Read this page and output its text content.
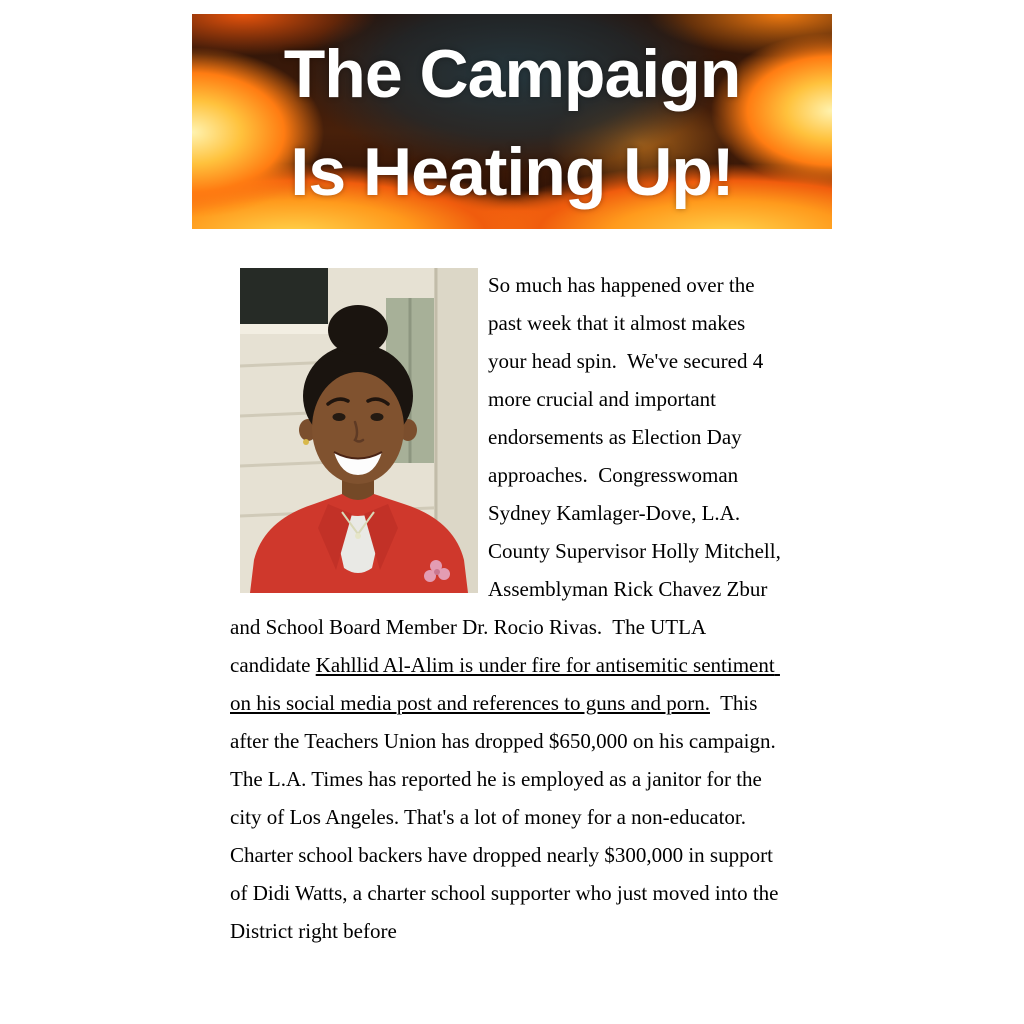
The Campaign
Is Heating Up!

So much has happened over the past week that it almost makes your head spin.  We've secured 4 more crucial and important endorsements as Election Day approaches.  Congresswoman Sydney Kamlager-Dove, L.A. County Supervisor Holly Mitchell, Assemblyman Rick Chavez Zbur and School Board Member Dr. Rocio Rivas.  The UTLA candidate Kahllid Al-Alim is under fire for antisemitic sentiment on his social media post and references to guns and porn.  This after the Teachers Union has dropped $650,000 on his campaign.  The L.A. Times has reported he is employed as a janitor for the city of Los Angeles. That's a lot of money for a non-educator.  Charter school backers have dropped nearly $300,000 in support of Didi Watts, a charter school supporter who just moved into the District right before
